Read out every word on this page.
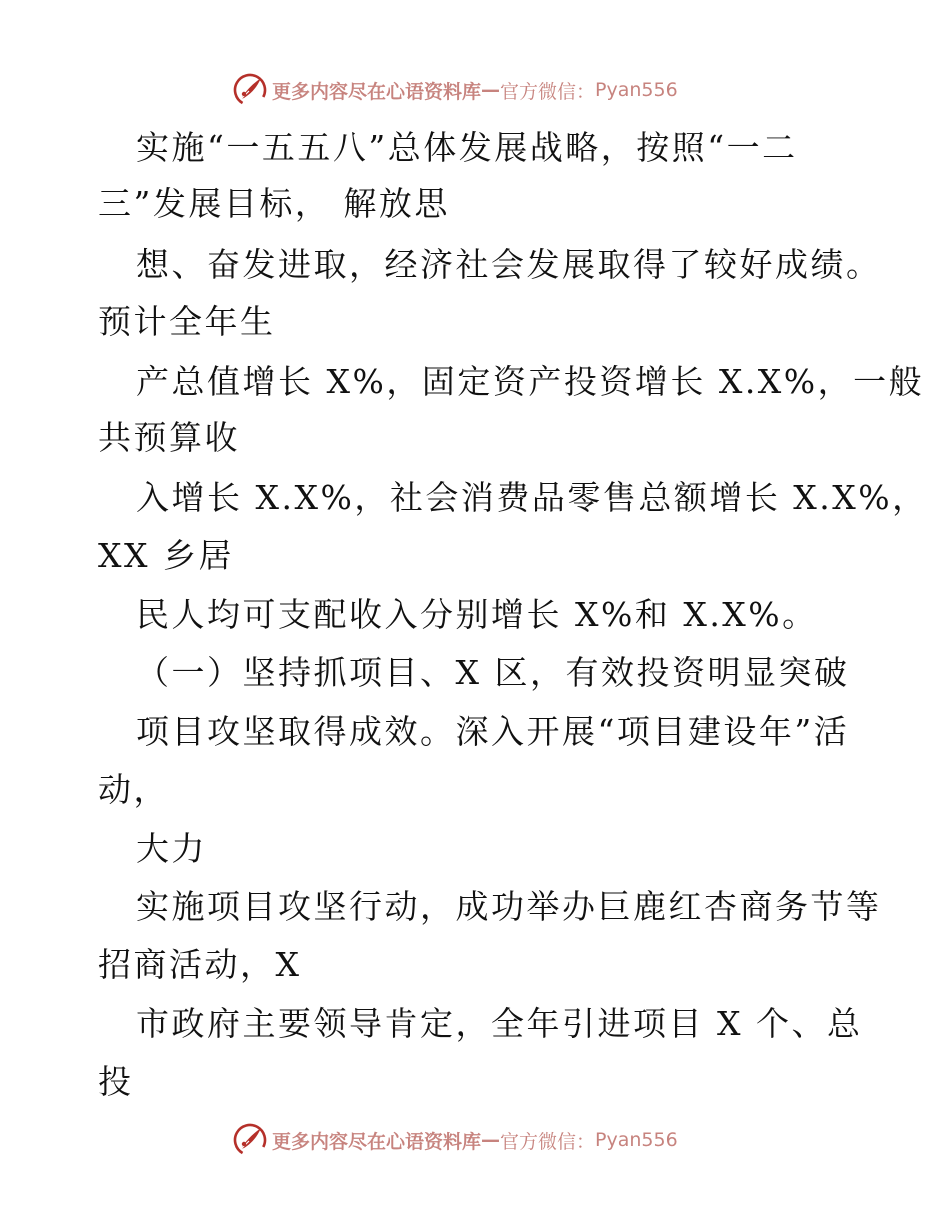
更多内容尽在心语资料库 — 官方微信： Pyan556
实施“一五五八”总体发展战略，按照“一二
三”发展目标， 解放思
想、奋发进取，经济社会发展取得了较好成绩。
预计全年生
产总值增长 X%，固定资产投资增长 X.X%，一般
共预算收
入增长 X.X%，社会消费品零售总额增长 X.X%，
XX 乡居
民人均可支配收入分别增长 X%和 X.X%。
（一）坚持抓项目、X 区，有效投资明显突破
项目攻坚取得成效。深入开展“项目建设年”活
动，
大力
实施项目攻坚行动，成功举办巨鹿红杏商务节等
招商活动，X
市政府主要领导肯定，全年引进项目 X 个、总
投
更多内容尽在心语资料库 — 官方微信： Pyan556
